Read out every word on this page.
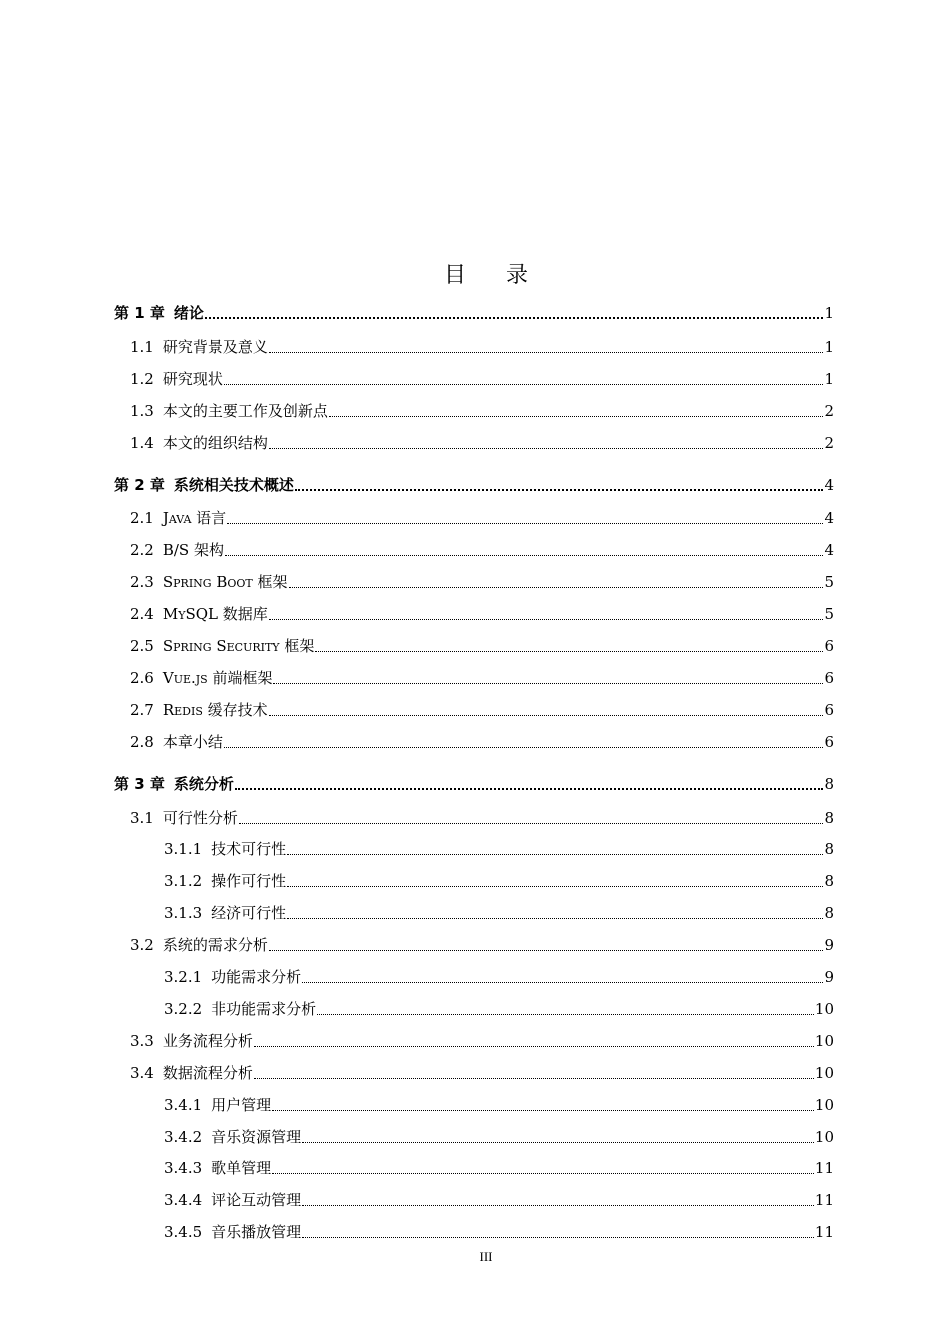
目 录
第 1 章 绪论	1
1.1 研究背景及意义	1
1.2 研究现状	1
1.3 本文的主要工作及创新点	2
1.4 本文的组织结构	2
第 2 章 系统相关技术概述	4
2.1 Java 语言	4
2.2 B/S 架构	4
2.3 Spring Boot 框架	5
2.4 MySQL 数据库	5
2.5 Spring Security 框架	6
2.6 Vue.js 前端框架	6
2.7 Redis 缓存技术	6
2.8 本章小结	6
第 3 章 系统分析	8
3.1 可行性分析	8
3.1.1 技术可行性	8
3.1.2 操作可行性	8
3.1.3 经济可行性	8
3.2 系统的需求分析	9
3.2.1 功能需求分析	9
3.2.2 非功能需求分析	10
3.3 业务流程分析	10
3.4 数据流程分析	10
3.4.1 用户管理	10
3.4.2 音乐资源管理	10
3.4.3 歌单管理	11
3.4.4 评论互动管理	11
3.4.5 音乐播放管理	11
III
